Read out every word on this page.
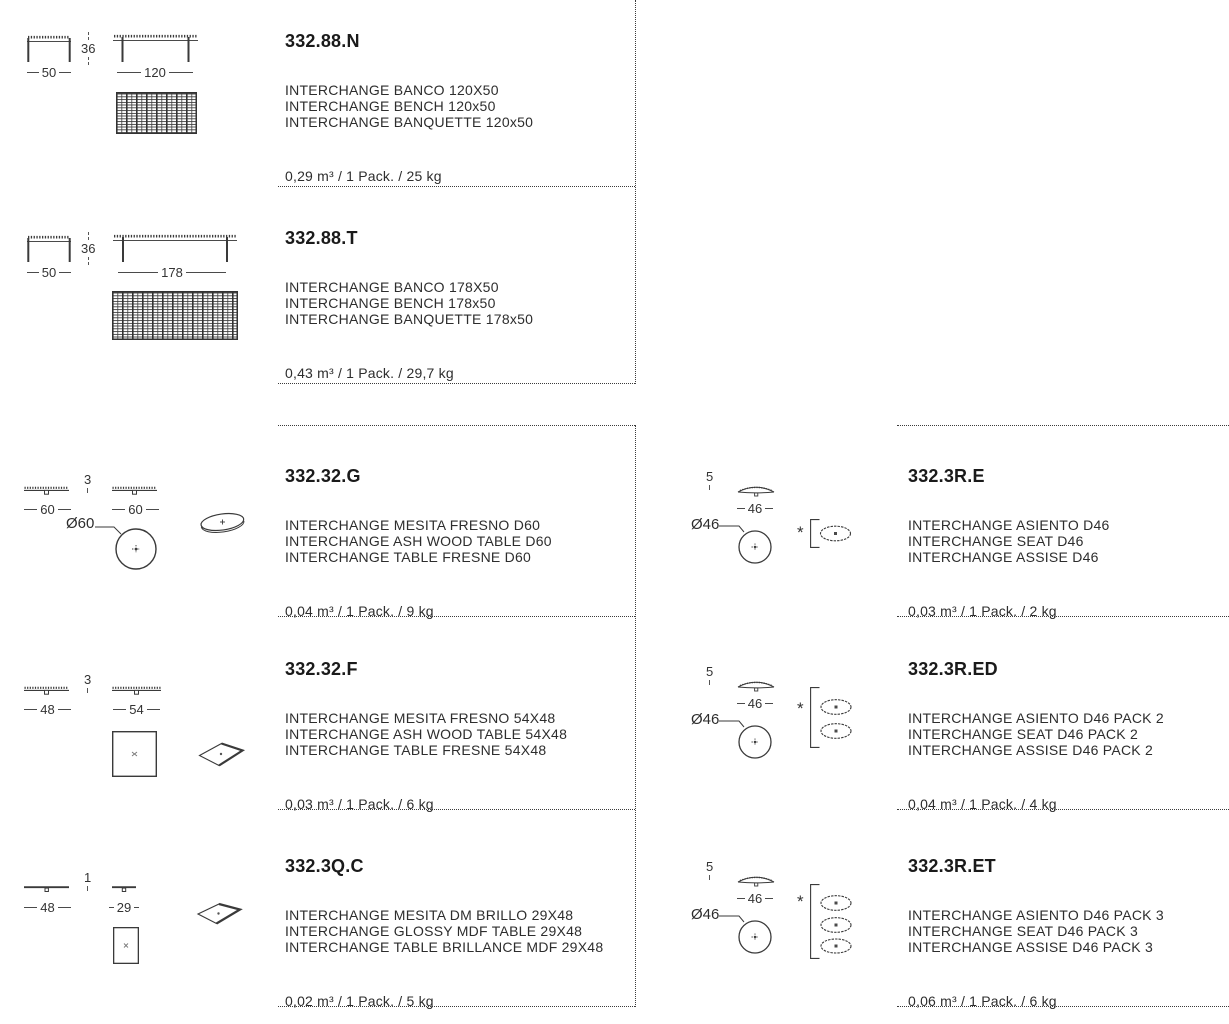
332.88.N
INTERCHANGE BANCO 120X50
INTERCHANGE BENCH 120x50
INTERCHANGE BANQUETTE 120x50
0,29 m³ / 1 Pack. / 25 kg
36
50	120
332.88.T
INTERCHANGE BANCO 178X50
INTERCHANGE BENCH 178x50
INTERCHANGE BANQUETTE 178x50
0,43 m³ / 1 Pack. / 29,7 kg
36
50	178
332.32.G
INTERCHANGE MESITA FRESNO D60
INTERCHANGE ASH WOOD TABLE D60
INTERCHANGE TABLE FRESNE D60
0,04 m³ / 1 Pack. / 9 kg
3
60	60
Ø60
332.32.F
INTERCHANGE MESITA FRESNO 54X48
INTERCHANGE ASH WOOD TABLE 54X48
INTERCHANGE TABLE FRESNE 54X48
0,03 m³ / 1 Pack. / 6 kg
3
48	54
332.3Q.C
INTERCHANGE MESITA DM BRILLO 29X48
INTERCHANGE GLOSSY MDF TABLE 29X48
INTERCHANGE TABLE BRILLANCE MDF 29X48
0,02 m³ / 1 Pack. / 5 kg
1
48	29
332.3R.E
INTERCHANGE ASIENTO D46
INTERCHANGE SEAT D46
INTERCHANGE ASSISE D46
0,03 m³ / 1 Pack. / 2 kg
5
46
Ø46	*
332.3R.ED
INTERCHANGE ASIENTO D46 PACK 2
INTERCHANGE SEAT D46 PACK 2
INTERCHANGE ASSISE D46 PACK 2
0,04 m³ / 1 Pack. / 4 kg
5
46
Ø46
*
332.3R.ET
INTERCHANGE ASIENTO D46 PACK 3
INTERCHANGE SEAT D46 PACK 3
INTERCHANGE ASSISE D46 PACK 3
0,06 m³ / 1 Pack. / 6 kg
5
46
Ø46
*
